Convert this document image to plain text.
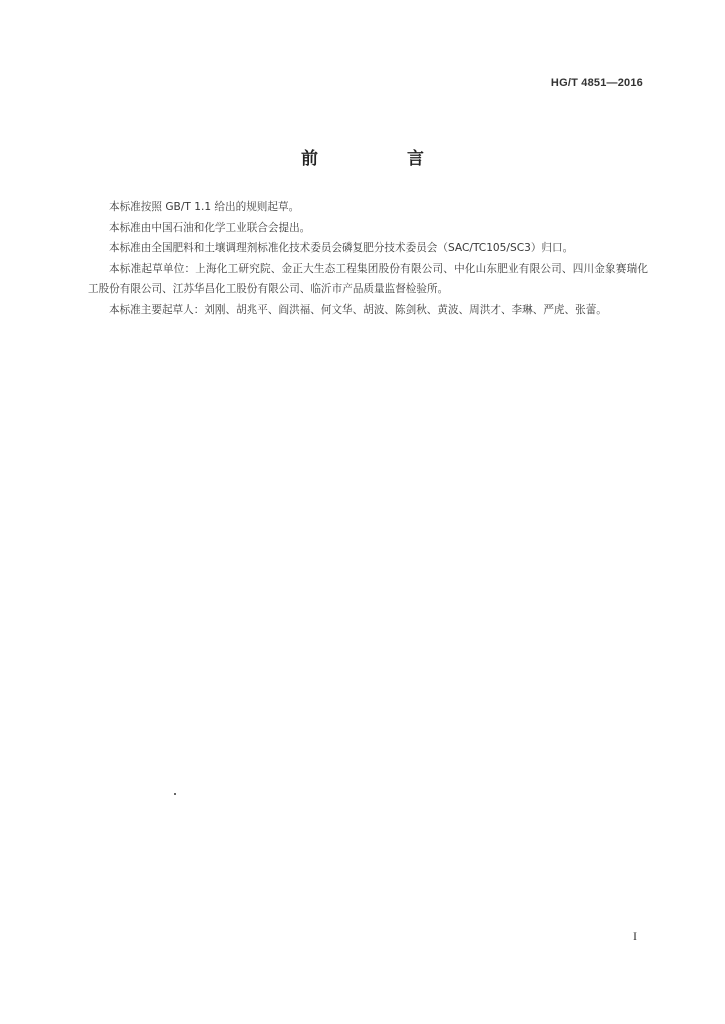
HG/T 4851—2016
前　言

本标准按照 GB/T 1.1 给出的规则起草。

本标准由中国石油和化学工业联合会提出。

本标准由全国肥料和土壤调理剂标准化技术委员会磷复肥分技术委员会（SAC/TC105/SC3）归口。

本标准起草单位：上海化工研究院、金正大生态工程集团股份有限公司、中化山东肥业有限公司、四川金象赛瑞化工股份有限公司、江苏华昌化工股份有限公司、临沂市产品质量监督检验所。

本标准主要起草人：刘刚、胡兆平、阎洪福、何文华、胡波、陈剑秋、黄波、周洪才、李琳、严虎、张蕾。

I
